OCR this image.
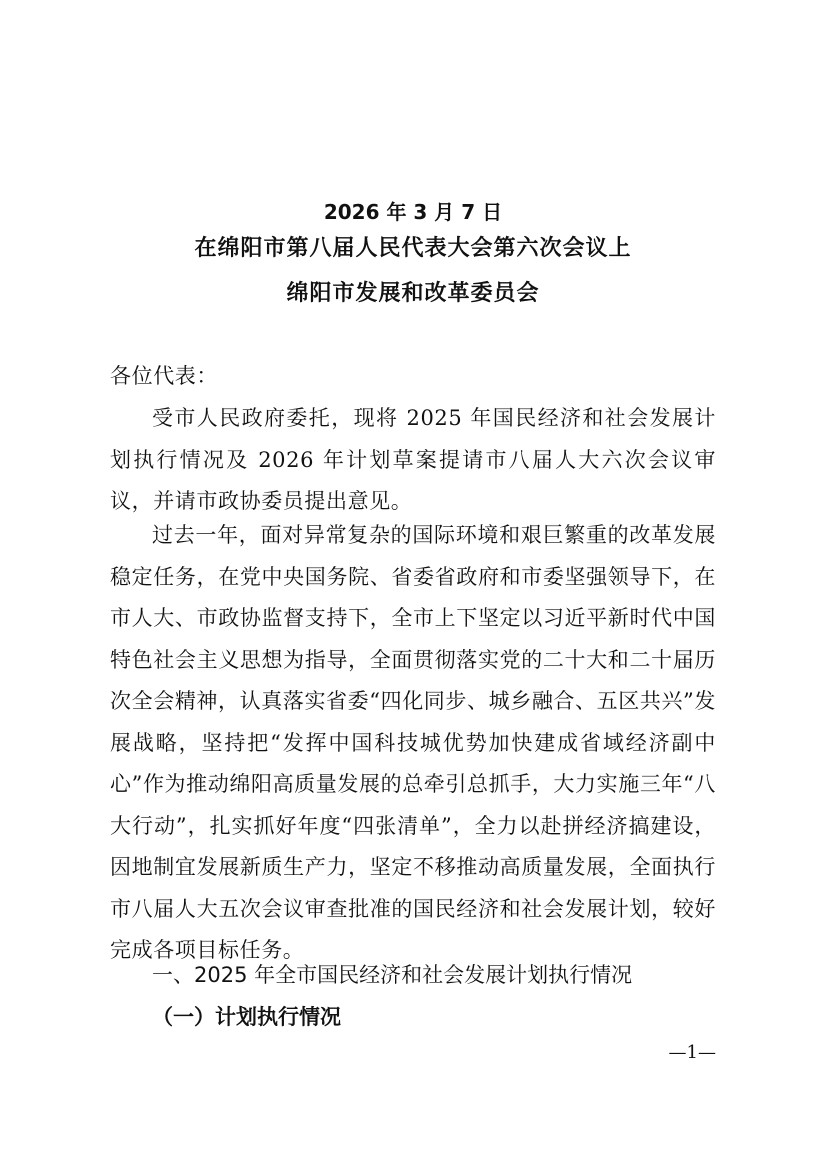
2026 年 3 月 7 日
在绵阳市第八届人民代表大会第六次会议上
绵阳市发展和改革委员会
各位代表：
受市人民政府委托，现将 2025 年国民经济和社会发展计划执行情况及 2026 年计划草案提请市八届人大六次会议审议，并请市政协委员提出意见。
过去一年，面对异常复杂的国际环境和艰巨繁重的改革发展稳定任务，在党中央国务院、省委省政府和市委坚强领导下，在市人大、市政协监督支持下，全市上下坚定以习近平新时代中国特色社会主义思想为指导，全面贯彻落实党的二十大和二十届历次全会精神，认真落实省委“四化同步、城乡融合、五区共兴”发展战略，坚持把“发挥中国科技城优势加快建成省域经济副中心”作为推动绵阳高质量发展的总牵引总抓手，大力实施三年“八大行动”，扎实抓好年度“四张清单”，全力以赴拼经济搞建设，因地制宜发展新质生产力，坚定不移推动高质量发展，全面执行市八届人大五次会议审查批准的国民经济和社会发展计划，较好完成各项目标任务。
一、2025 年全市国民经济和社会发展计划执行情况
（一）计划执行情况
—1—
